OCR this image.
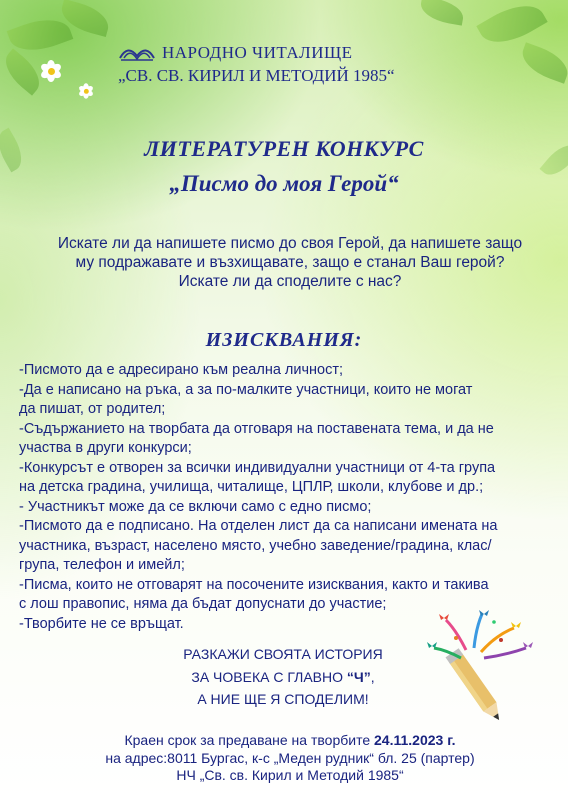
НАРОДНО ЧИТАЛИЩЕ
„СВ. СВ. КИРИЛ И МЕТОДИЙ 1985“
ЛИТЕРАТУРЕН КОНКУРС
„Писмо до моя Герой“
Искате ли да напишете писмо до своя Герой, да напишете защо
му подражавате и възхищавате, защо е станал Ваш герой?
Искате ли да споделите с нас?
ИЗИСКВАНИЯ:
-Писмото да е адресирано към реална личност;
-Да е написано на ръка, а за по-малките участници, които не могат
да пишат, от родител;
-Съдържанието на творбата да отговаря на поставената тема, и да не
участва в други конкурси;
-Конкурсът е отворен за всички индивидуални участници от 4-та група
на детска градина, училища, читалище, ЦПЛР, школи, клубове и др.;
- Участникът може да се включи само с едно писмо;
-Писмото да е подписано. На отделен лист да са написани имената на
участника, възраст, населено място, учебно заведение/градина, клас/
група, телефон и имейл;
-Писма, които не отговарят на посочените изисквания, както и такива
с лош правопис, няма да бъдат допуснати до участие;
-Творбите не се връщат.
РАЗКАЖИ СВОЯТА ИСТОРИЯ
ЗА ЧОВЕКА С ГЛАВНО “Ч”,
А НИЕ ЩЕ Я СПОДЕЛИМ!
Краен срок за предаване на творбите 24.11.2023 г.
на адрес:8011 Бургас, к-с „Меден рудник“ бл. 25 (партер)
НЧ „Св. св. Кирил и Методий 1985“
